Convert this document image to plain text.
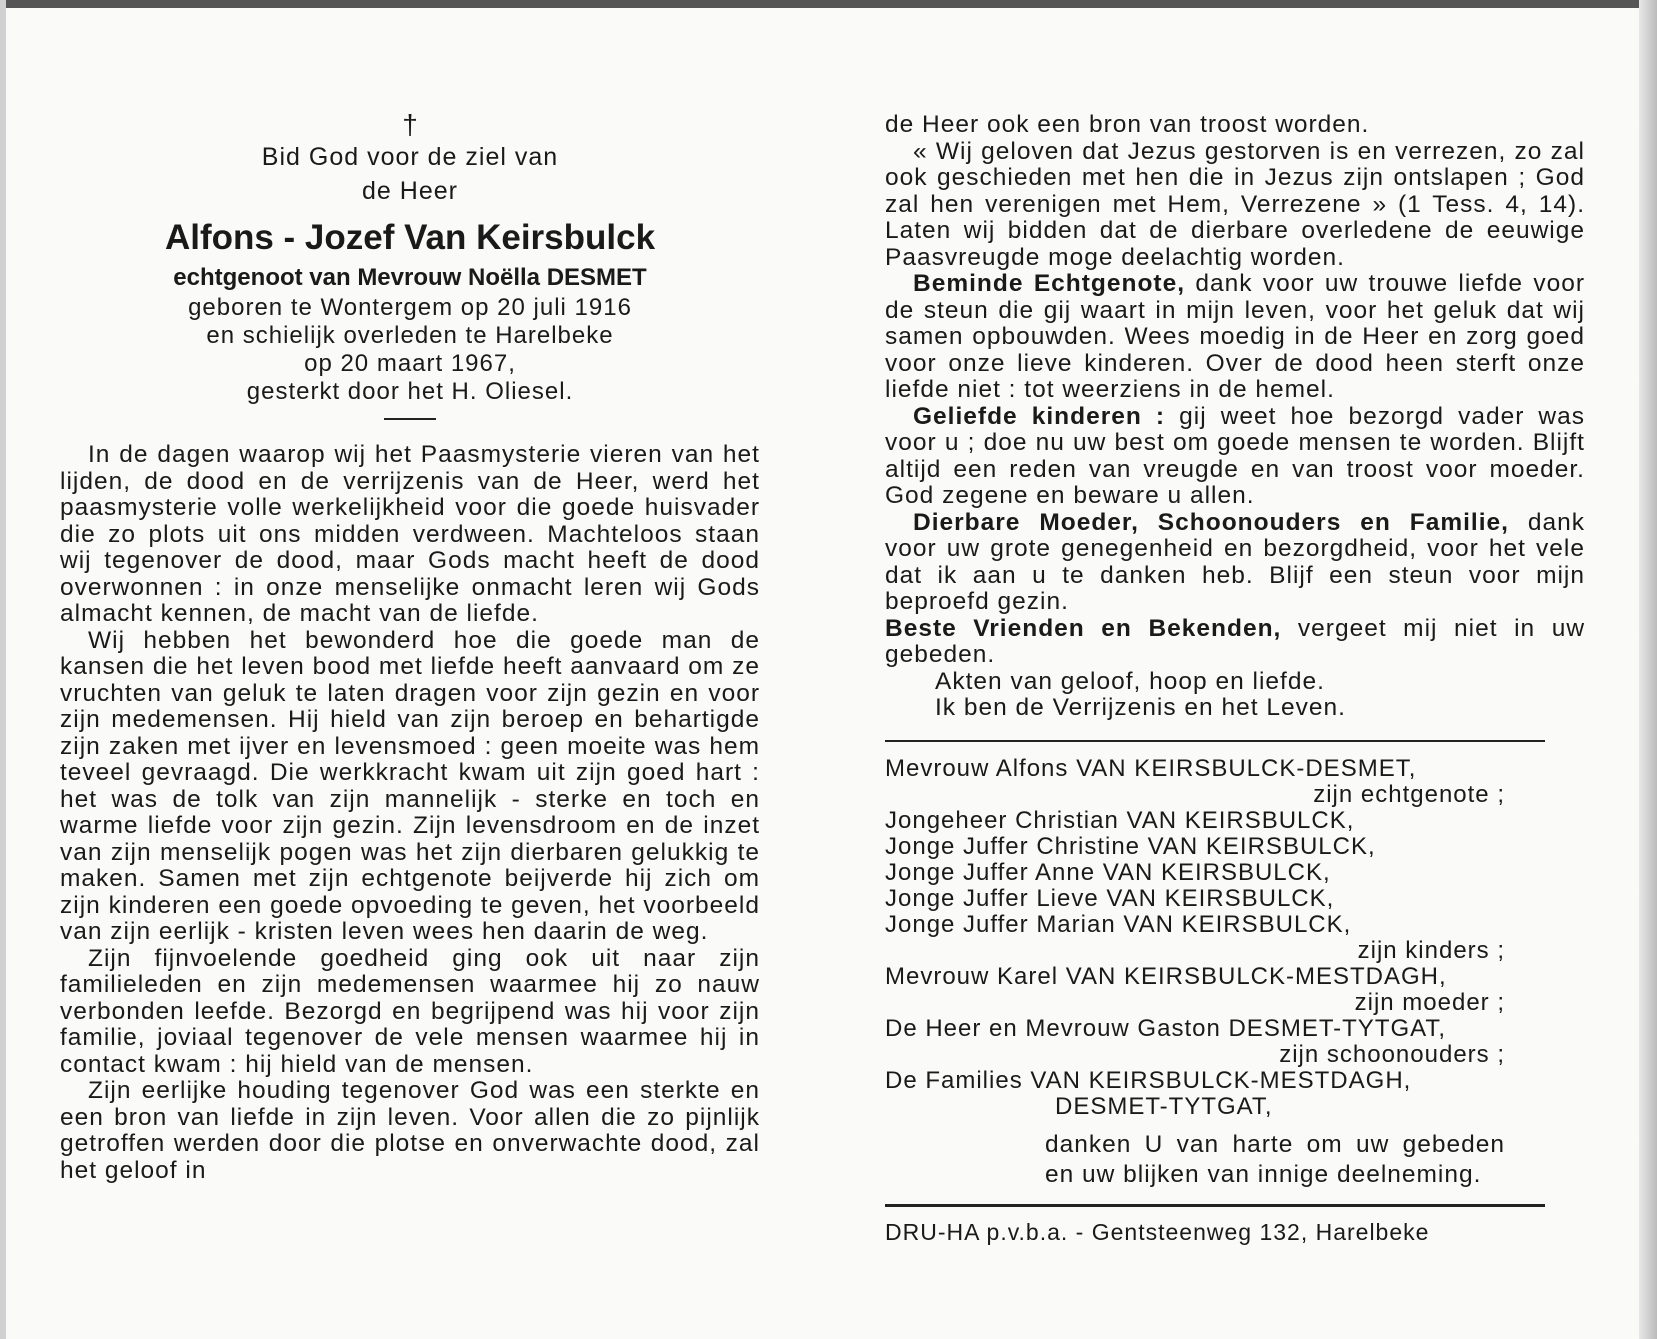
†
Bid God voor de ziel van
de Heer
Alfons - Jozef Van Keirsbulck
echtgenoot van Mevrouw Noëlla DESMET
geboren te Wontergem op 20 juli 1916
en schielijk overleden te Harelbeke
op 20 maart 1967,
gesterkt door het H. Oliesel.

In de dagen waarop wij het Paasmysterie vieren van het lijden, de dood en de verrijzenis van de Heer, werd het paasmysterie volle werkelijkheid voor die goede huisvader die zo plots uit ons midden verdween. Machteloos staan wij tegenover de dood, maar Gods macht heeft de dood overwonnen : in onze menselijke onmacht leren wij Gods almacht kennen, de macht van de liefde.

Wij hebben het bewonderd hoe die goede man de kansen die het leven bood met liefde heeft aanvaard om ze vruchten van geluk te laten dragen voor zijn gezin en voor zijn medemensen. Hij hield van zijn beroep en behartigde zijn zaken met ijver en levensmoed : geen moeite was hem teveel gevraagd. Die werkkracht kwam uit zijn goed hart : het was de tolk van zijn mannelijk - sterke en toch en warme liefde voor zijn gezin. Zijn levensdroom en de inzet van zijn menselijk pogen was het zijn dierbaren gelukkig te maken. Samen met zijn echtgenote beijverde hij zich om zijn kinderen een goede opvoeding te geven, het voorbeeld van zijn eerlijk - kristen leven wees hen daarin de weg.

Zijn fijnvoelende goedheid ging ook uit naar zijn familieleden en zijn medemensen waarmee hij zo nauw verbonden leefde. Bezorgd en begrijpend was hij voor zijn familie, joviaal tegenover de vele mensen waarmee hij in contact kwam : hij hield van de mensen.

Zijn eerlijke houding tegenover God was een sterkte en een bron van liefde in zijn leven. Voor allen die zo pijnlijk getroffen werden door die plotse en onverwachte dood, zal het geloof in

de Heer ook een bron van troost worden.

« Wij geloven dat Jezus gestorven is en verrezen, zo zal ook geschieden met hen die in Jezus zijn ontslapen ; God zal hen verenigen met Hem, Verrezene » (1 Tess. 4, 14). Laten wij bidden dat de dierbare overledene de eeuwige Paasvreugde moge deelachtig worden.

Beminde Echtgenote, dank voor uw trouwe liefde voor de steun die gij waart in mijn leven, voor het geluk dat wij samen opbouwden. Wees moedig in de Heer en zorg goed voor onze lieve kinderen. Over de dood heen sterft onze liefde niet : tot weerziens in de hemel.

Geliefde kinderen : gij weet hoe bezorgd vader was voor u ; doe nu uw best om goede mensen te worden. Blijft altijd een reden van vreugde en van troost voor moeder. God zegene en beware u allen.

Dierbare Moeder, Schoonouders en Familie, dank voor uw grote genegenheid en bezorgdheid, voor het vele dat ik aan u te danken heb. Blijf een steun voor mijn beproefd gezin.

Beste Vrienden en Bekenden, vergeet mij niet in uw gebeden.

Akten van geloof, hoop en liefde.

Ik ben de Verrijzenis en het Leven.

Mevrouw Alfons VAN KEIRSBULCK-DESMET,

zijn echtgenote ;

Jongeheer Christian VAN KEIRSBULCK,

Jonge Juffer Christine VAN KEIRSBULCK,

Jonge Juffer Anne VAN KEIRSBULCK,

Jonge Juffer Lieve VAN KEIRSBULCK,

Jonge Juffer Marian VAN KEIRSBULCK,

zijn kinders ;

Mevrouw Karel VAN KEIRSBULCK-MESTDAGH,

zijn moeder ;

De Heer en Mevrouw Gaston DESMET-TYTGAT,

zijn schoonouders ;

De Families VAN KEIRSBULCK-MESTDAGH,

DESMET-TYTGAT,

danken U van harte om uw gebeden en uw blijken van innige deelneming.

DRU-HA p.v.b.a. - Gentsteenweg 132, Harelbeke
